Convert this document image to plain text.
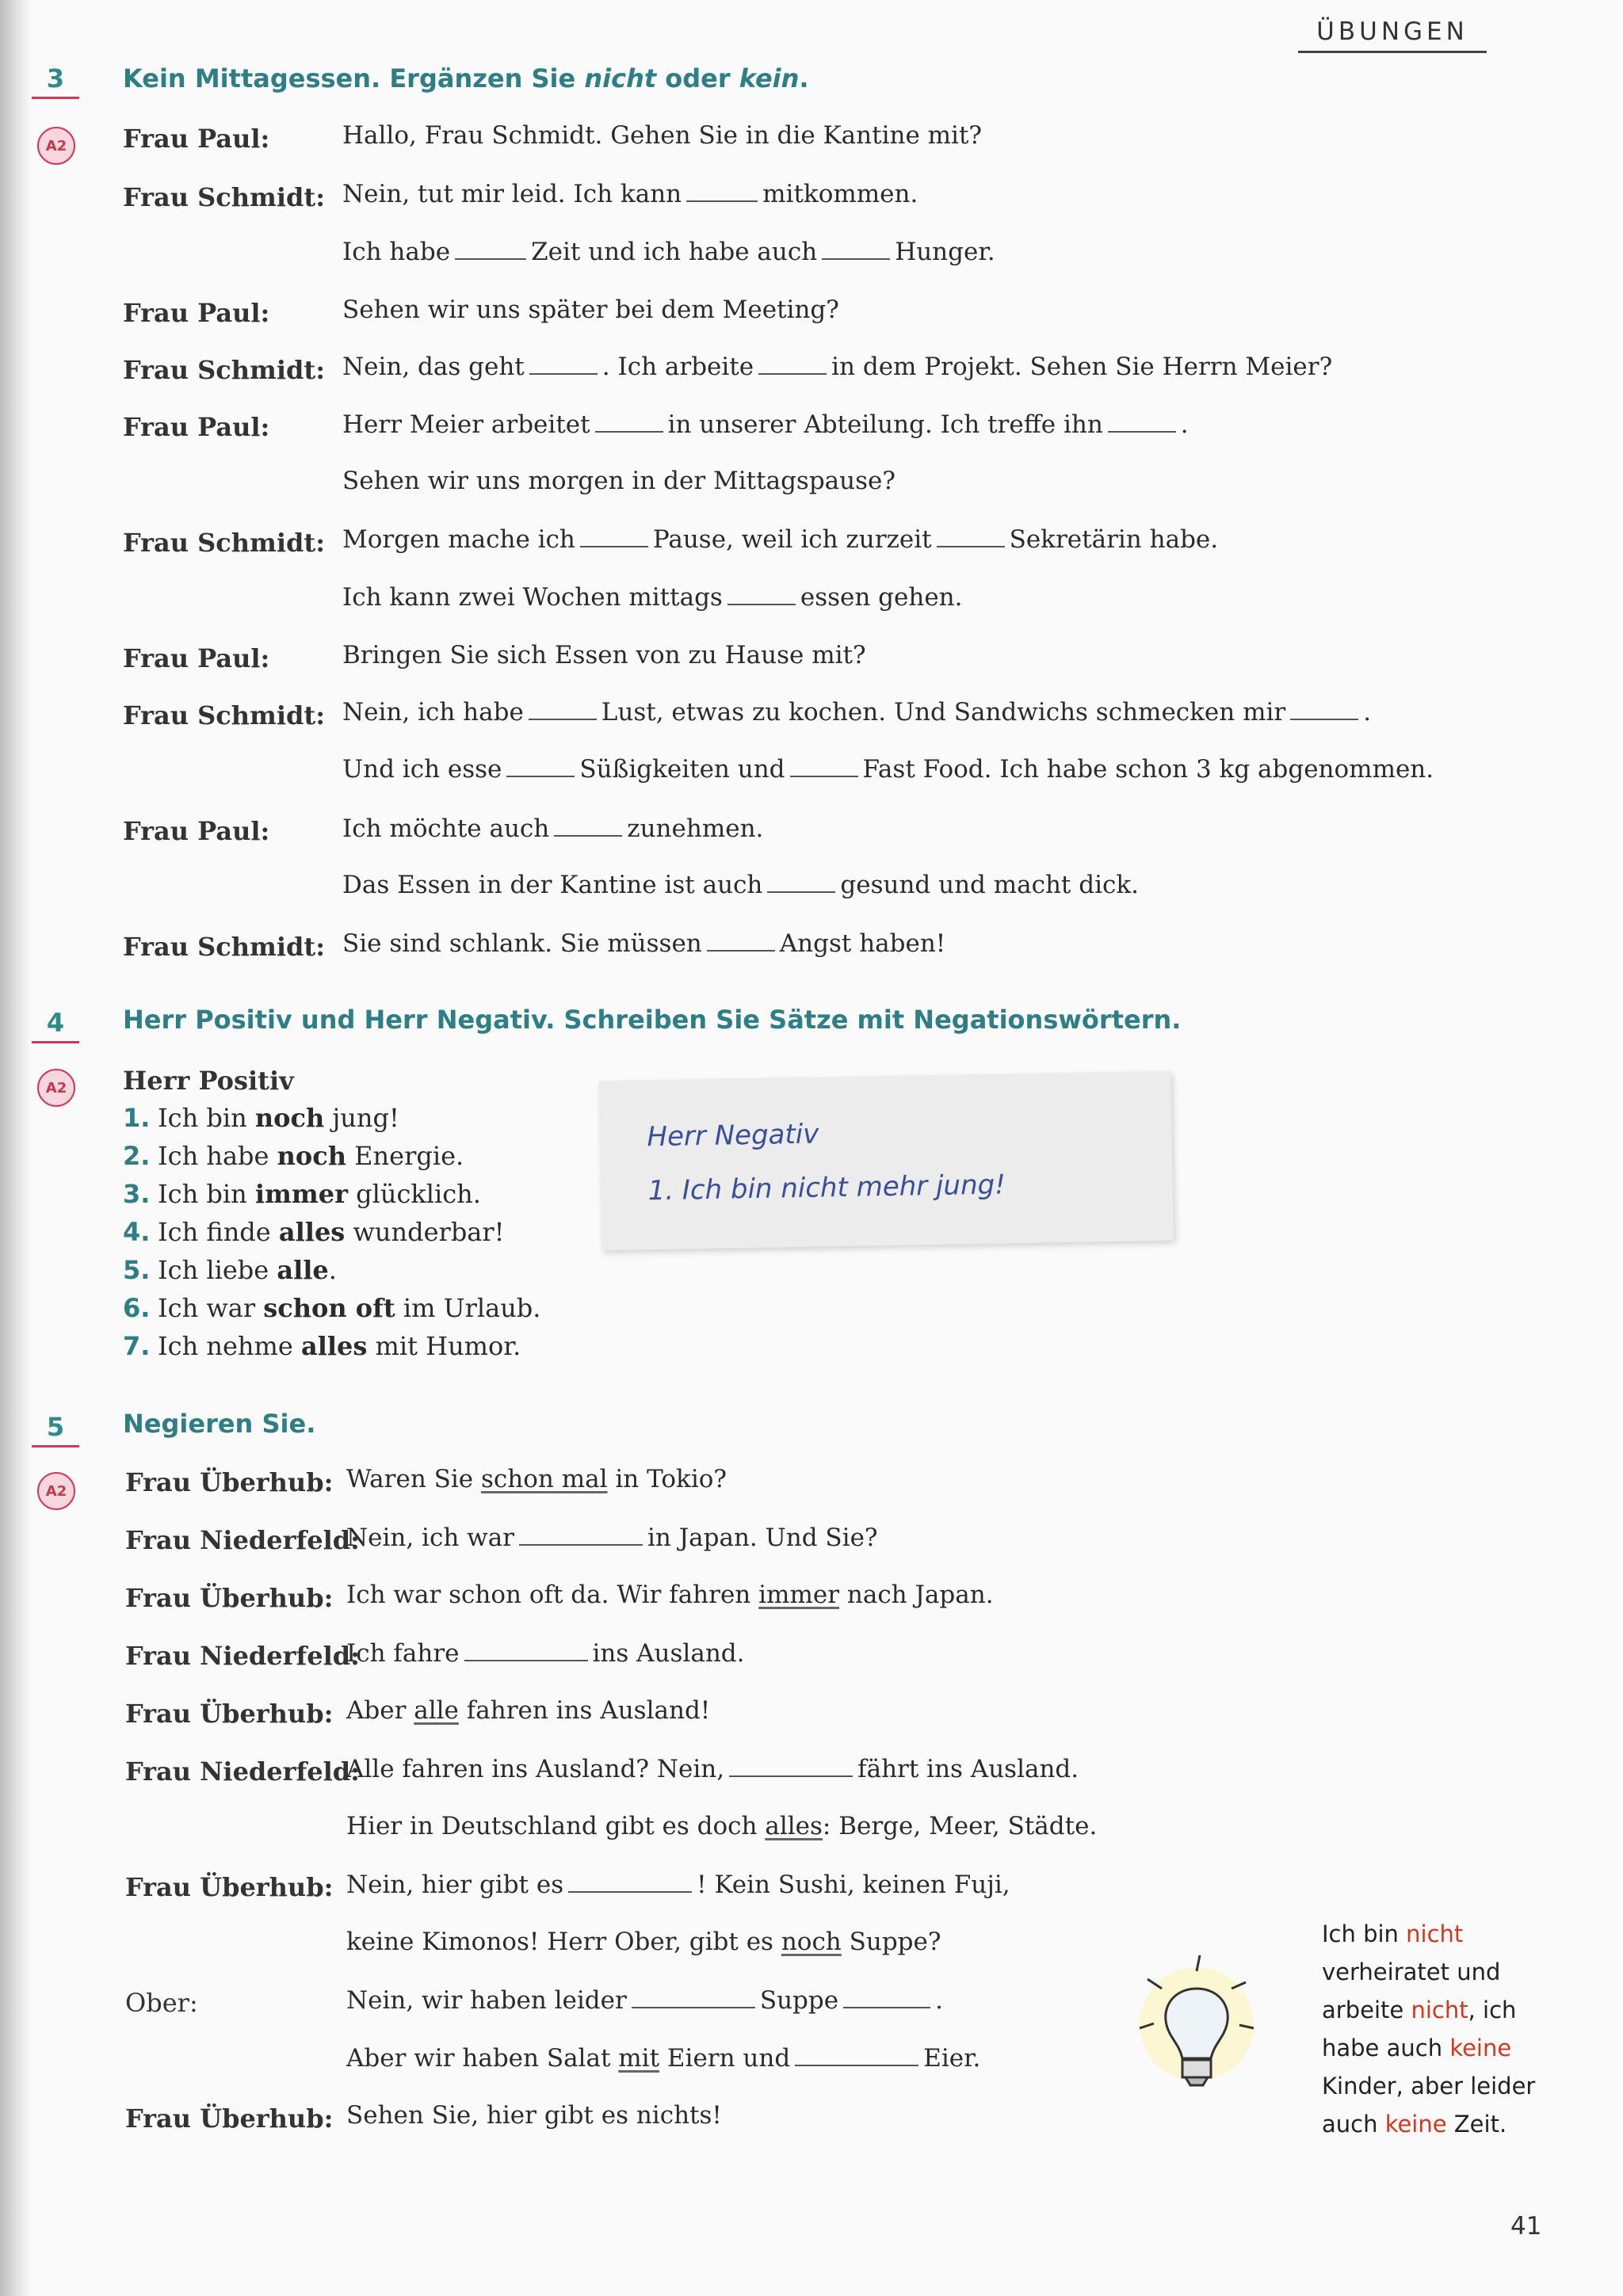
ÜBUNGEN
3
A2
Kein Mittagessen. Ergänzen Sie nicht oder kein.
Frau Paul:	Hallo, Frau Schmidt. Gehen Sie in die Kantine mit?
Frau Schmidt: Nein, tut mir leid. Ich kann	mitkommen.
Ich habe	Zeit und ich habe auch	Hunger.
Frau Paul:	Sehen wir uns später bei dem Meeting?
Frau Schmidt: Nein, das geht	. Ich arbeite	in dem Projekt. Sehen Sie Herrn Meier?
Frau Paul:	Herr Meier arbeitet	in unserer Abteilung. Ich treffe ihn	.
Sehen wir uns morgen in der Mittagspause?
Frau Schmidt: Morgen mache ich	Pause, weil ich zurzeit	Sekretärin habe.
Ich kann zwei Wochen mittags	essen gehen.
Frau Paul:	Bringen Sie sich Essen von zu Hause mit?
Frau Schmidt: Nein, ich habe	Lust, etwas zu kochen. Und Sandwichs schmecken mir	.
Und ich esse	Süßigkeiten und	Fast Food. Ich habe schon 3 kg abgenommen.
Frau Paul:	Ich möchte auch	zunehmen.
Das Essen in der Kantine ist auch	gesund und macht dick.
Frau Schmidt: Sie sind schlank. Sie müssen	Angst haben!
4
A2
Herr Positiv und Herr Negativ. Schreiben Sie Sätze mit Negationswörtern.
Herr Positiv
1. Ich bin noch jung!
2. Ich habe noch Energie.
3. Ich bin immer glücklich.
4. Ich finde alles wunderbar!
5. Ich liebe alle.
6. Ich war schon oft im Urlaub.
7. Ich nehme alles mit Humor.
Herr Negativ
1. Ich bin nicht mehr jung!
5
A2
Negieren Sie.
Frau Überhub: Waren Sie schon mal in Tokio?
Frau Niederfeld:
Nein, ich war	in Japan. Und Sie?
Frau Überhub: Ich war schon oft da. Wir fahren immer nach Japan.
Frau Niederfeld:
Ich fahre	ins Ausland.
Frau Überhub: Aber alle fahren ins Ausland!
Frau Niederfeld:
Alle fahren ins Ausland? Nein,	fährt ins Ausland.
Hier in Deutschland gibt es doch alles: Berge, Meer, Städte.
Frau Überhub: Nein, hier gibt es	! Kein Sushi, keinen Fuji,
keine Kimonos! Herr Ober, gibt es noch Suppe?
Ober:	Nein, wir haben leider	Suppe	.
Aber wir haben Salat mit Eiern und	Eier.
Frau Überhub: Sehen Sie, hier gibt es nichts!
Ich bin nicht
verheiratet und
arbeite nicht, ich
habe auch keine
Kinder, aber leider
auch keine Zeit.
41
